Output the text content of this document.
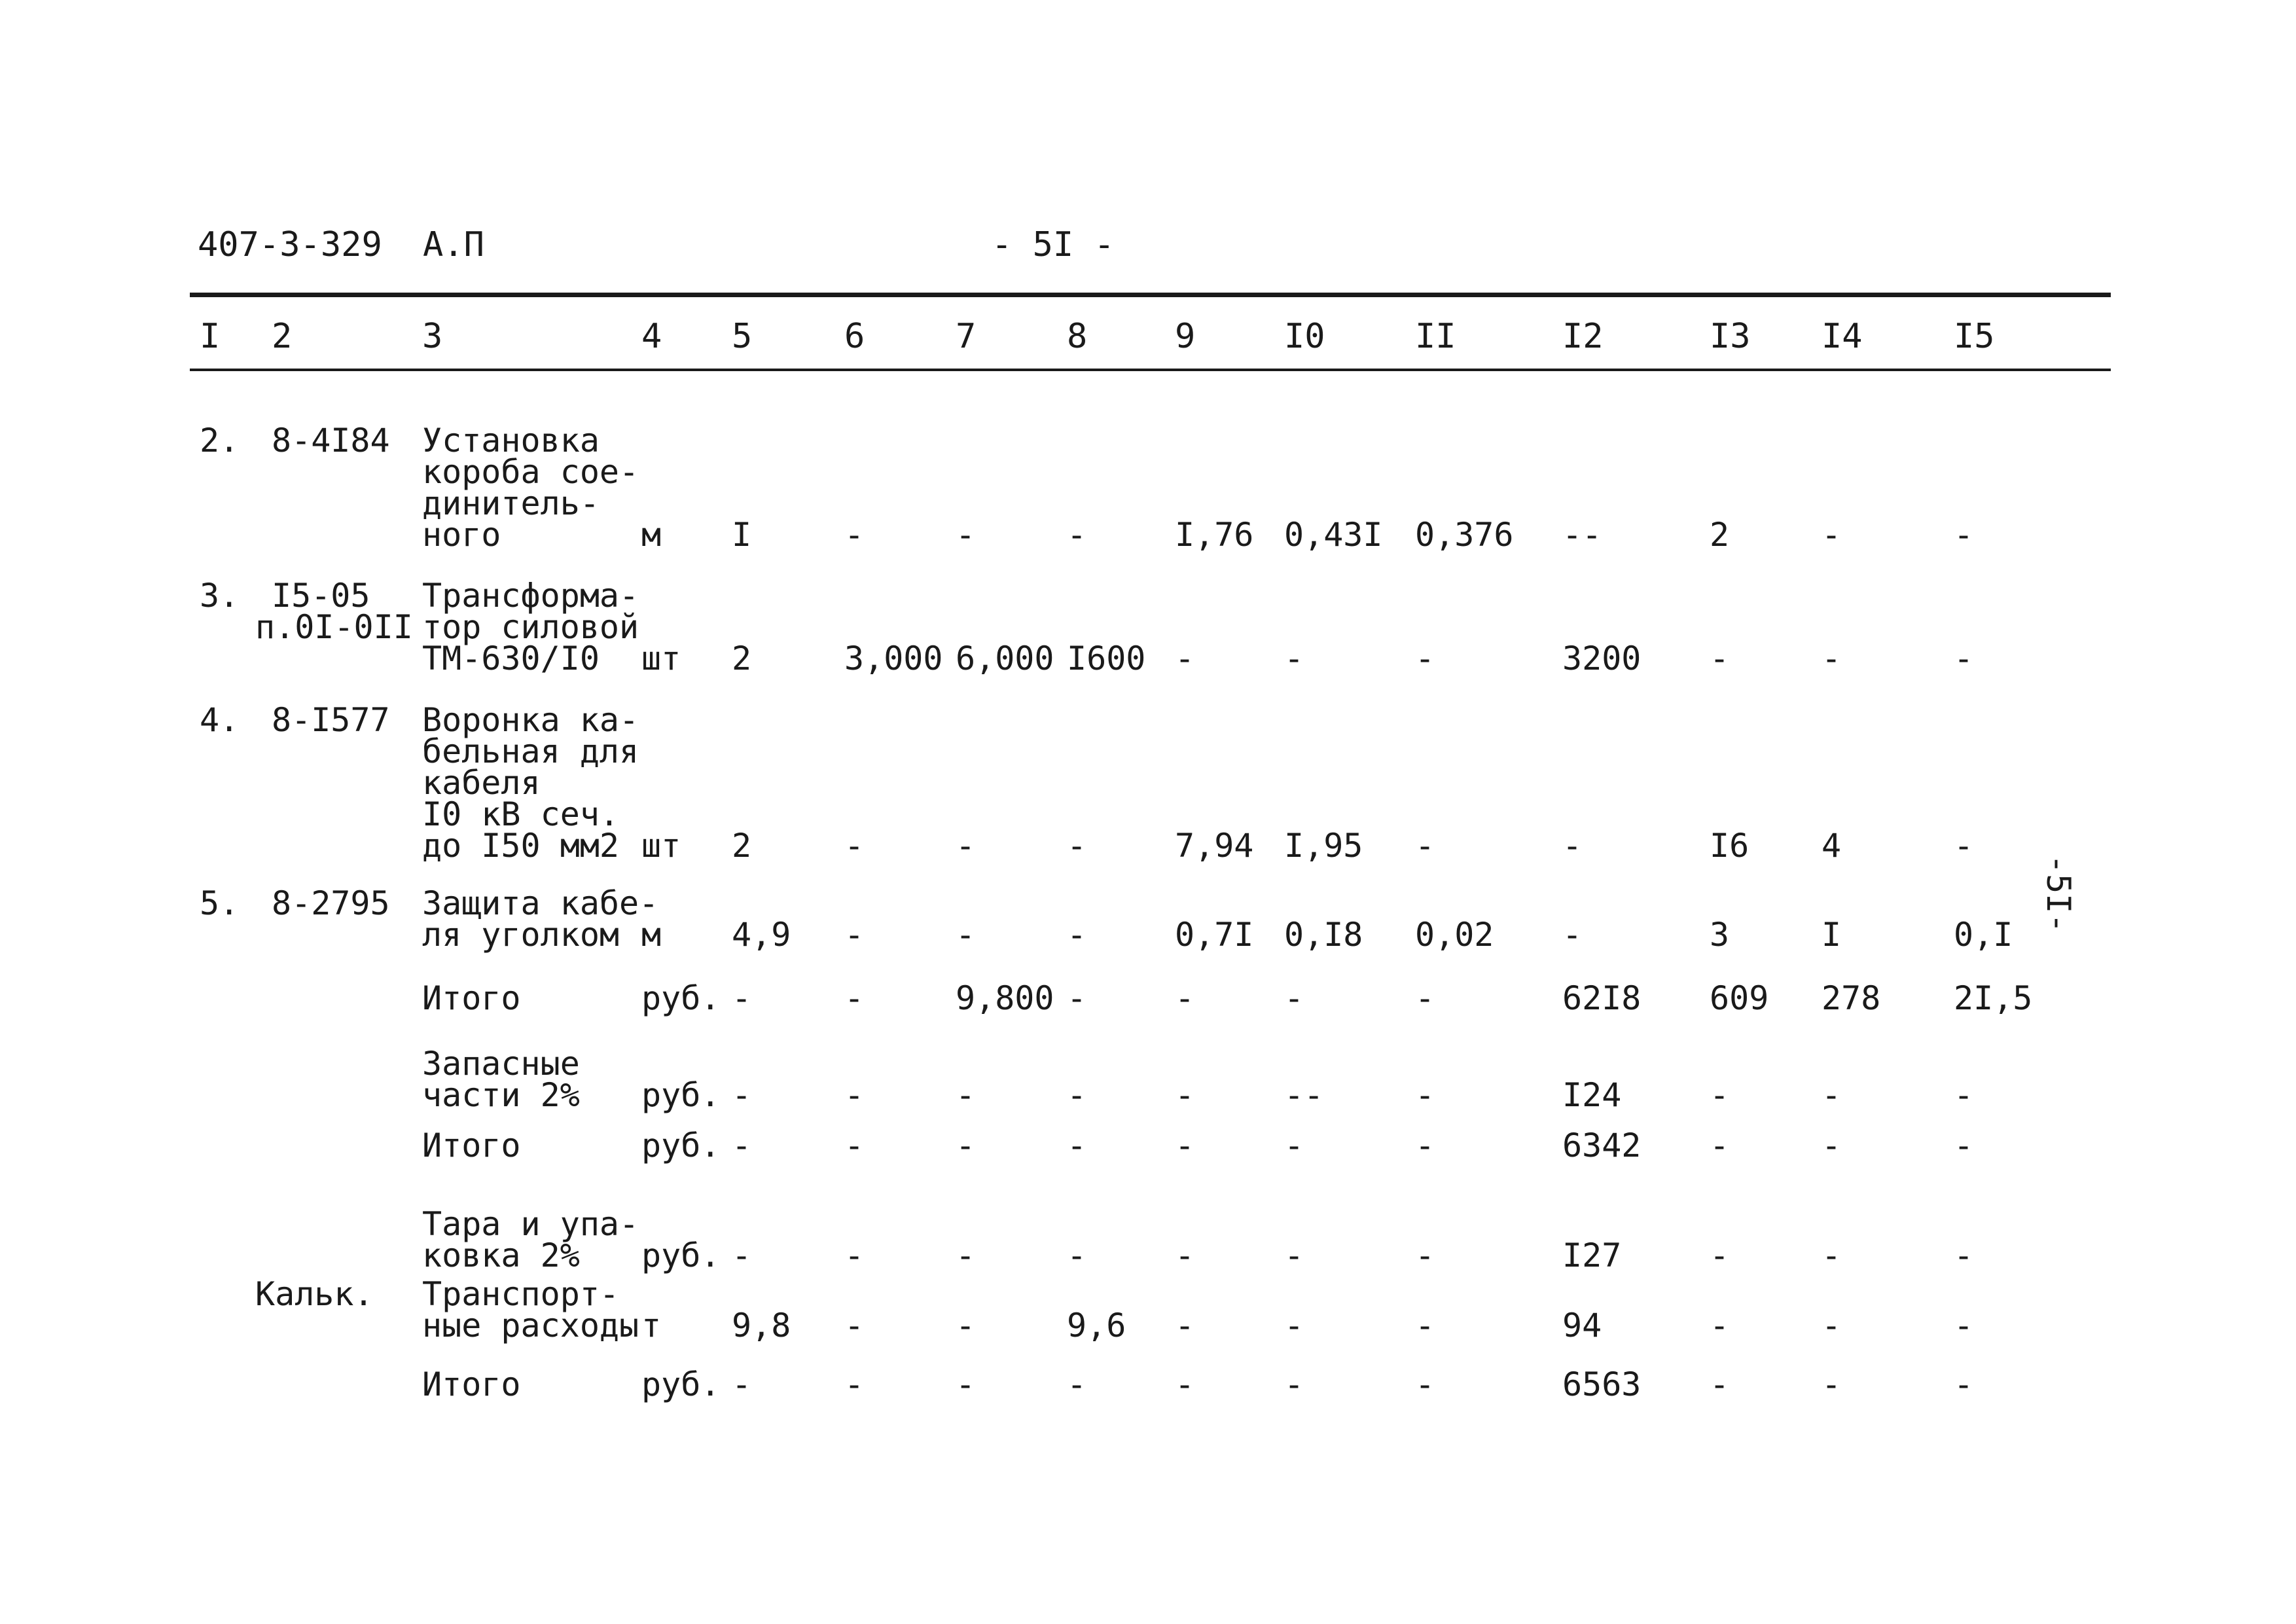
407-3-329 А.П	- 5I -
I 2	3	4 5	6	7	8	9	I0	II	I2	I3 I4	I5
2. 8-4I84 Установка
короба сое-
динитель-
ного	м I	-	-	-	I,76 0,43I 0,376 --	2	-	-
3. I5-05
п.0I-0II
Трансформа-
тор силовой
ТМ-630/I0 шт 2	3,000 6,000 I600 -	-	-	3200 -	-	-
4. 8-I577 Воронка ка-
бельная для
кабеля
I0 кВ сеч.
до I50 мм2 шт 2	-	-	-	7,94 I,95 -	-	I6 4	-
5. 8-2795 Защита кабе-
ля уголком м 4,9 -	-	-	0,7I 0,I8 0,02 -	3	I	0,I
Итого	руб. -	-	9,800 -	-	-	-	62I8 609 278 2I,5
Запасные
части 2% руб. -	-	-	-	-	--	-	I24	-	-	-
Итого	руб. -	-	-	-	-	-	-	6342 -	-	-
Тара и упа-
ковка 2% руб. -	-	-	-	-	-	-	I27	-	-	-
Кальк. Транспорт-
ные расходы т 9,8 -	-	9,6 -	-	-	94	-	-	-
Итого	руб. -	-	-	-	-	-	-	6563 -	-	-
-5I-
